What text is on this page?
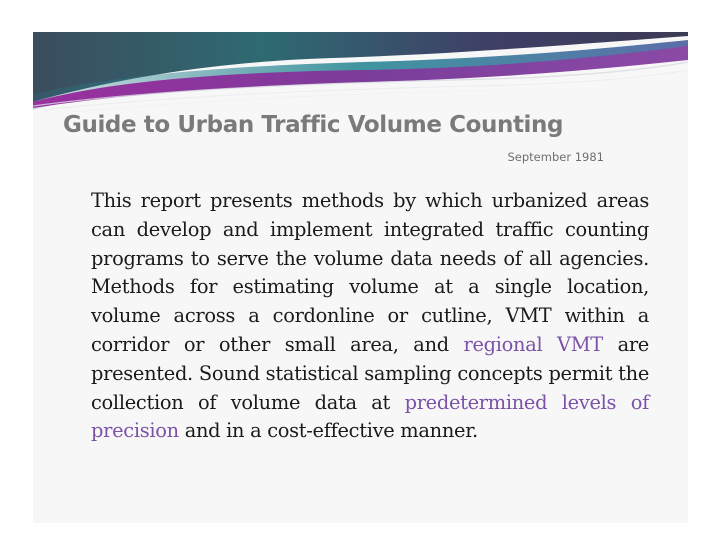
Guide to Urban Traffic Volume Counting
September 1981

This report presents methods by which urbanized areas can develop and implement integrated traffic counting programs to serve the volume data needs of all agencies. Methods for estimating volume at a single location, volume across a cordonline or cutline, VMT within a corridor or other small area, and regional VMT are presented. Sound statistical sampling concepts permit the collection of volume data at predetermined levels of precision and in a cost-effective manner.
